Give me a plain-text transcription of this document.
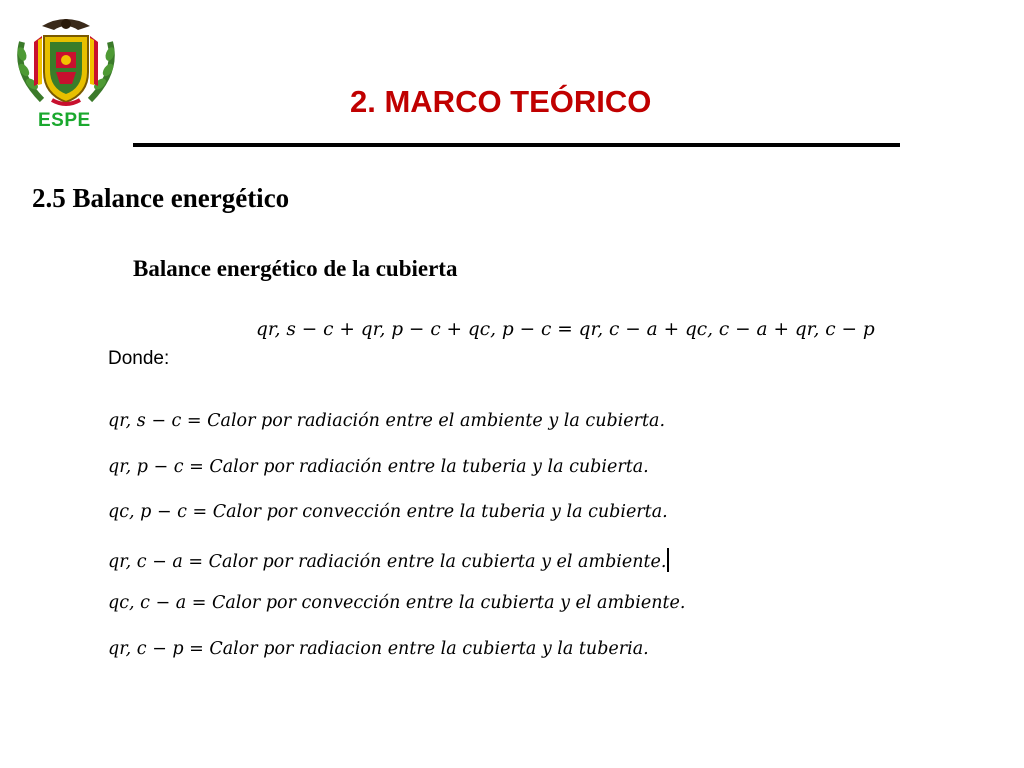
ESPE
2. MARCO TEÓRICO
2.5 Balance energético
Balance energético de la cubierta
qr, s − c + qr, p − c + qc, p − c = qr, c − a + qc, c − a + qr, c − p
Donde:
qr, s − c = Calor por radiación entre el ambiente y la cubierta.
qr, p − c = Calor por radiación entre la tuberia y la cubierta.
qc, p − c = Calor por convección entre la tuberia y la cubierta.
qr, c − a = Calor por radiación entre la cubierta y el ambiente.
qc, c − a = Calor por convección entre la cubierta y el ambiente.
qr, c − p = Calor por radiacion entre la cubierta y la tuberia.
